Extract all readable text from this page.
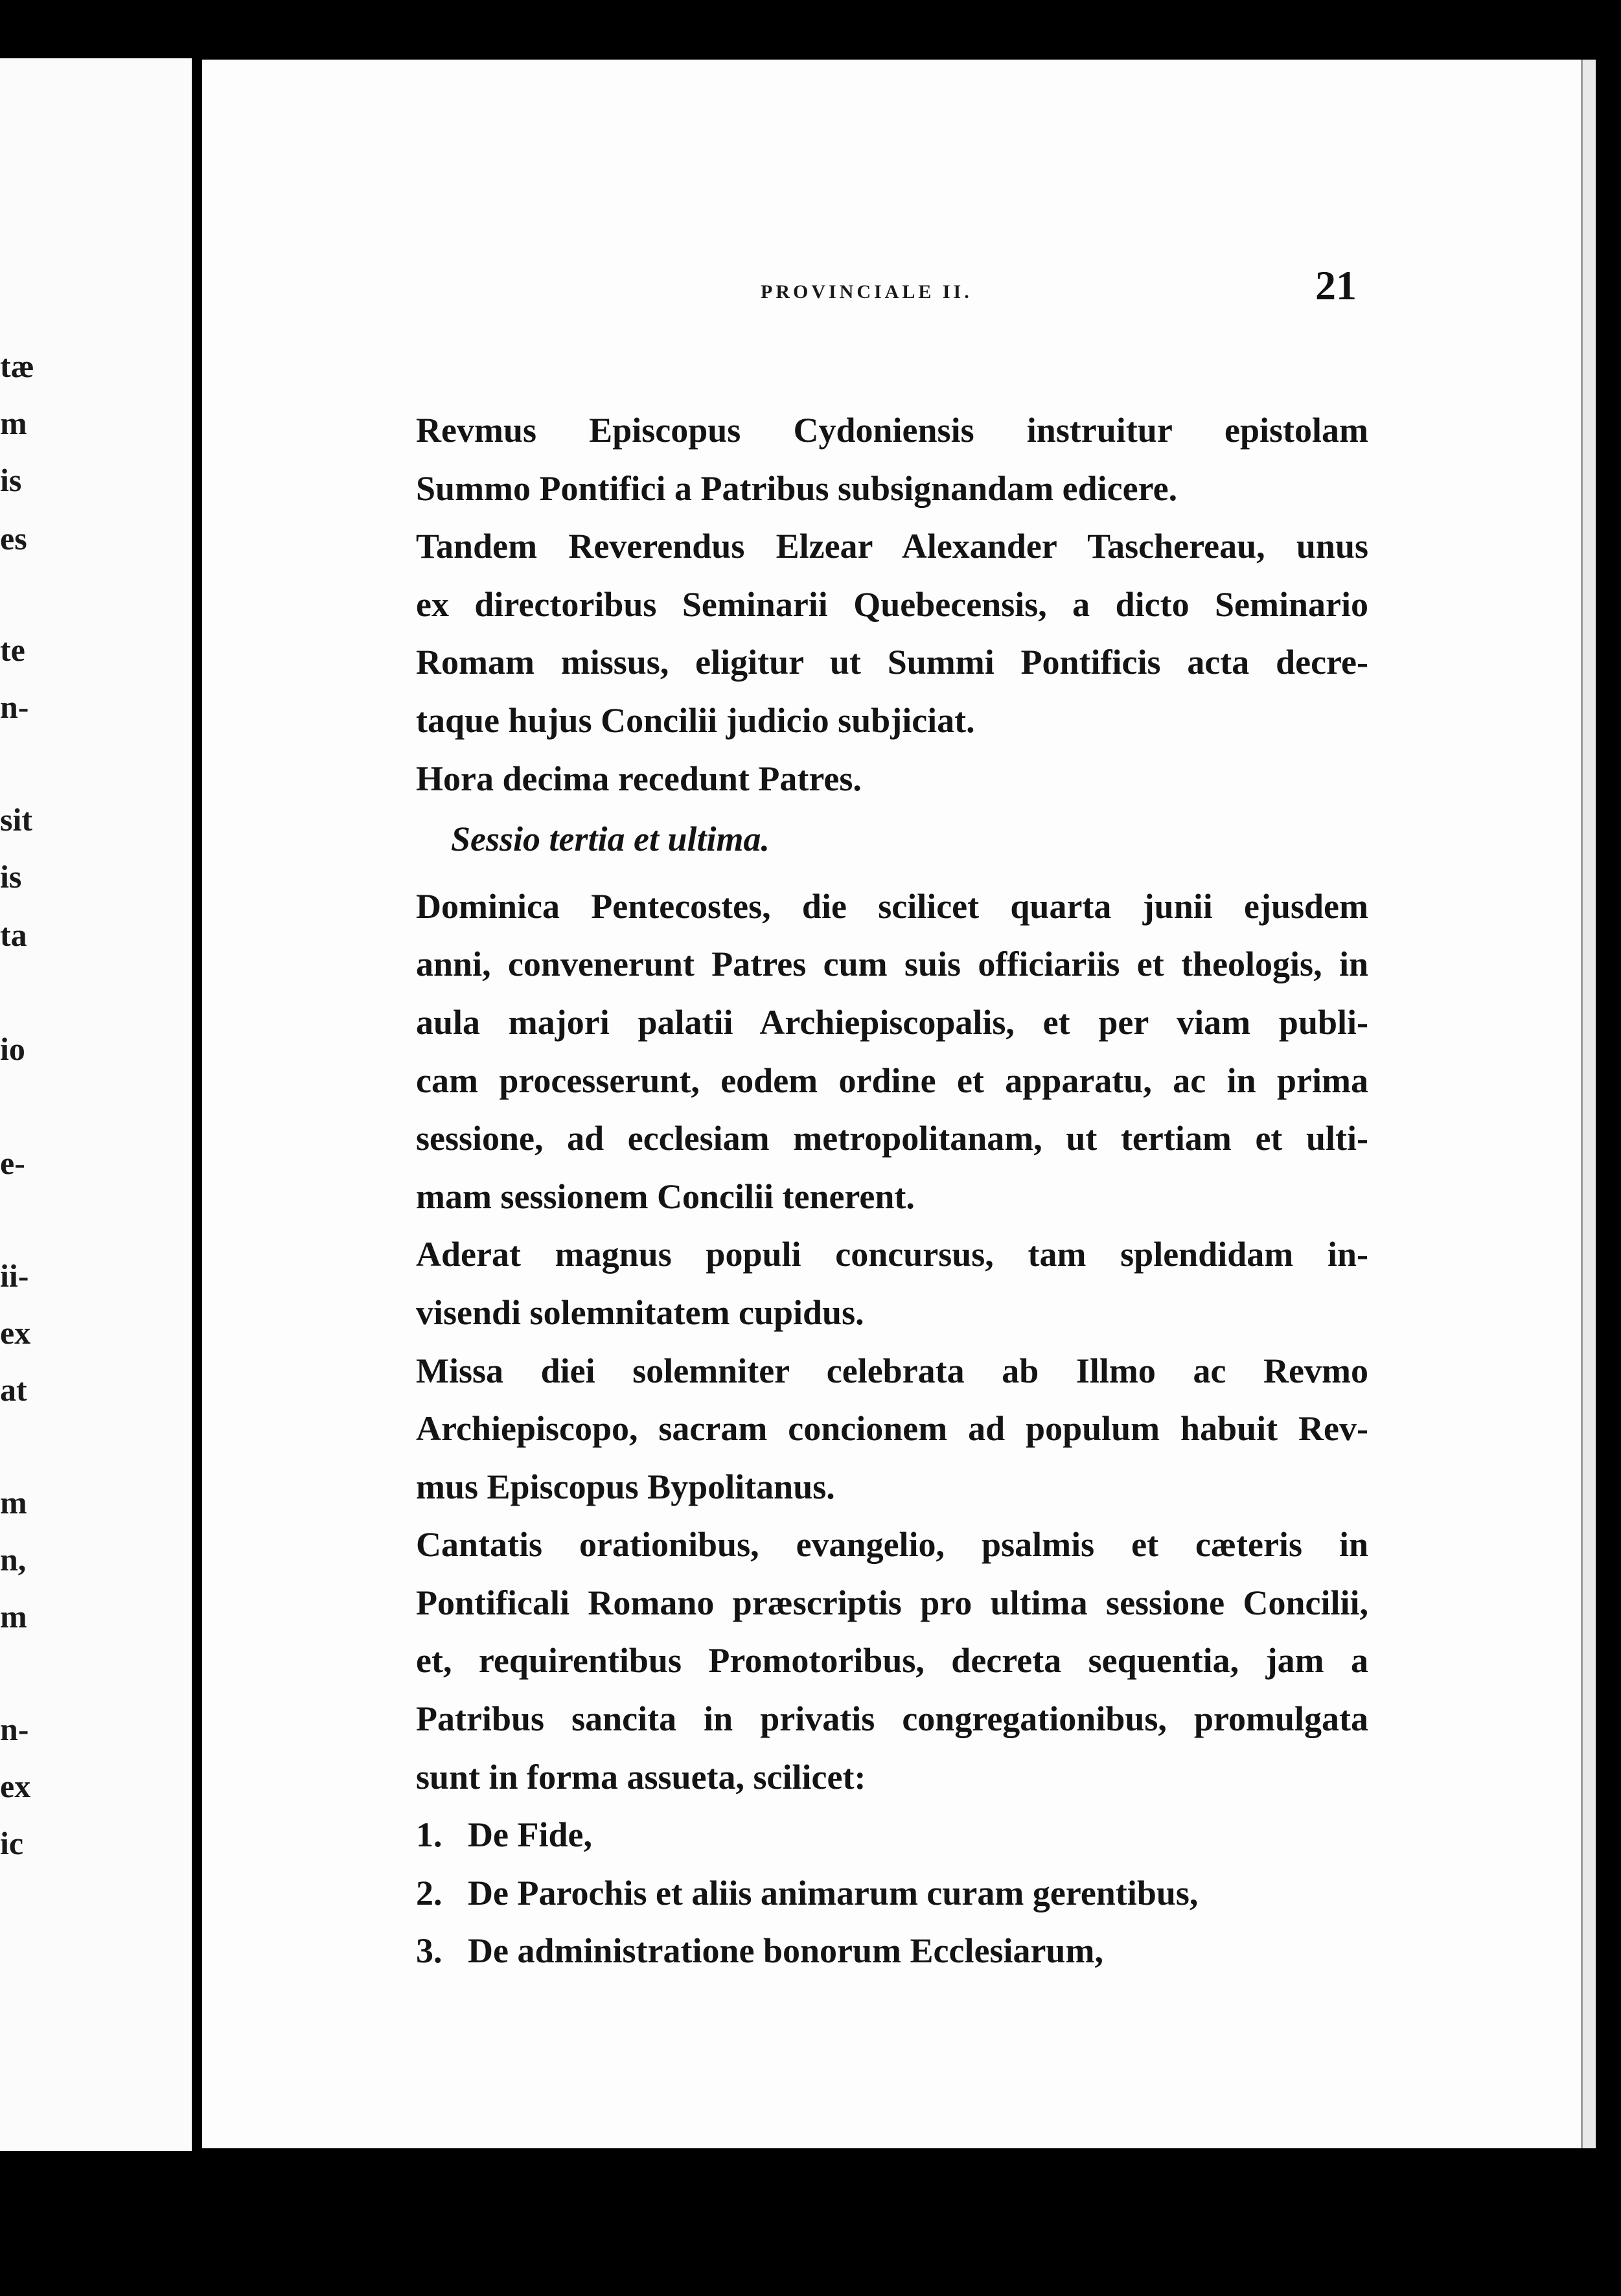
tæ
m
is
es
te
n-
sit
is
ta
io
e-
ii-
ex
at
m
n,
m
n-
ex
ic
PROVINCIALE II.	21

Revmus Episcopus Cydoniensis instruitur epistolam
Summo Pontifici a Patribus subsignandam edicere.

Tandem Reverendus Elzear Alexander Taschereau, unus
ex directoribus Seminarii Quebecensis, a dicto Seminario
Romam missus, eligitur ut Summi Pontificis acta decre-
taque hujus Concilii judicio subjiciat.

Hora decima recedunt Patres.

Sessio tertia et ultima.

Dominica Pentecostes, die scilicet quarta junii ejusdem
anni, convenerunt Patres cum suis officiariis et theologis, in
aula majori palatii Archiepiscopalis, et per viam publi-
cam processerunt, eodem ordine et apparatu, ac in prima
sessione, ad ecclesiam metropolitanam, ut tertiam et ulti-
mam sessionem Concilii tenerent.

Aderat magnus populi concursus, tam splendidam in-
visendi solemnitatem cupidus.

Missa diei solemniter celebrata ab Illmo ac Revmo
Archiepiscopo, sacram concionem ad populum habuit Rev-
mus Episcopus Bypolitanus.

Cantatis orationibus, evangelio, psalmis et cæteris in
Pontificali Romano præscriptis pro ultima sessione Concilii,
et, requirentibus Promotoribus, decreta sequentia, jam a
Patribus sancita in privatis congregationibus, promulgata
sunt in forma assueta, scilicet:

1. De Fide,
2. De Parochis et aliis animarum curam gerentibus,
3. De administratione bonorum Ecclesiarum,
